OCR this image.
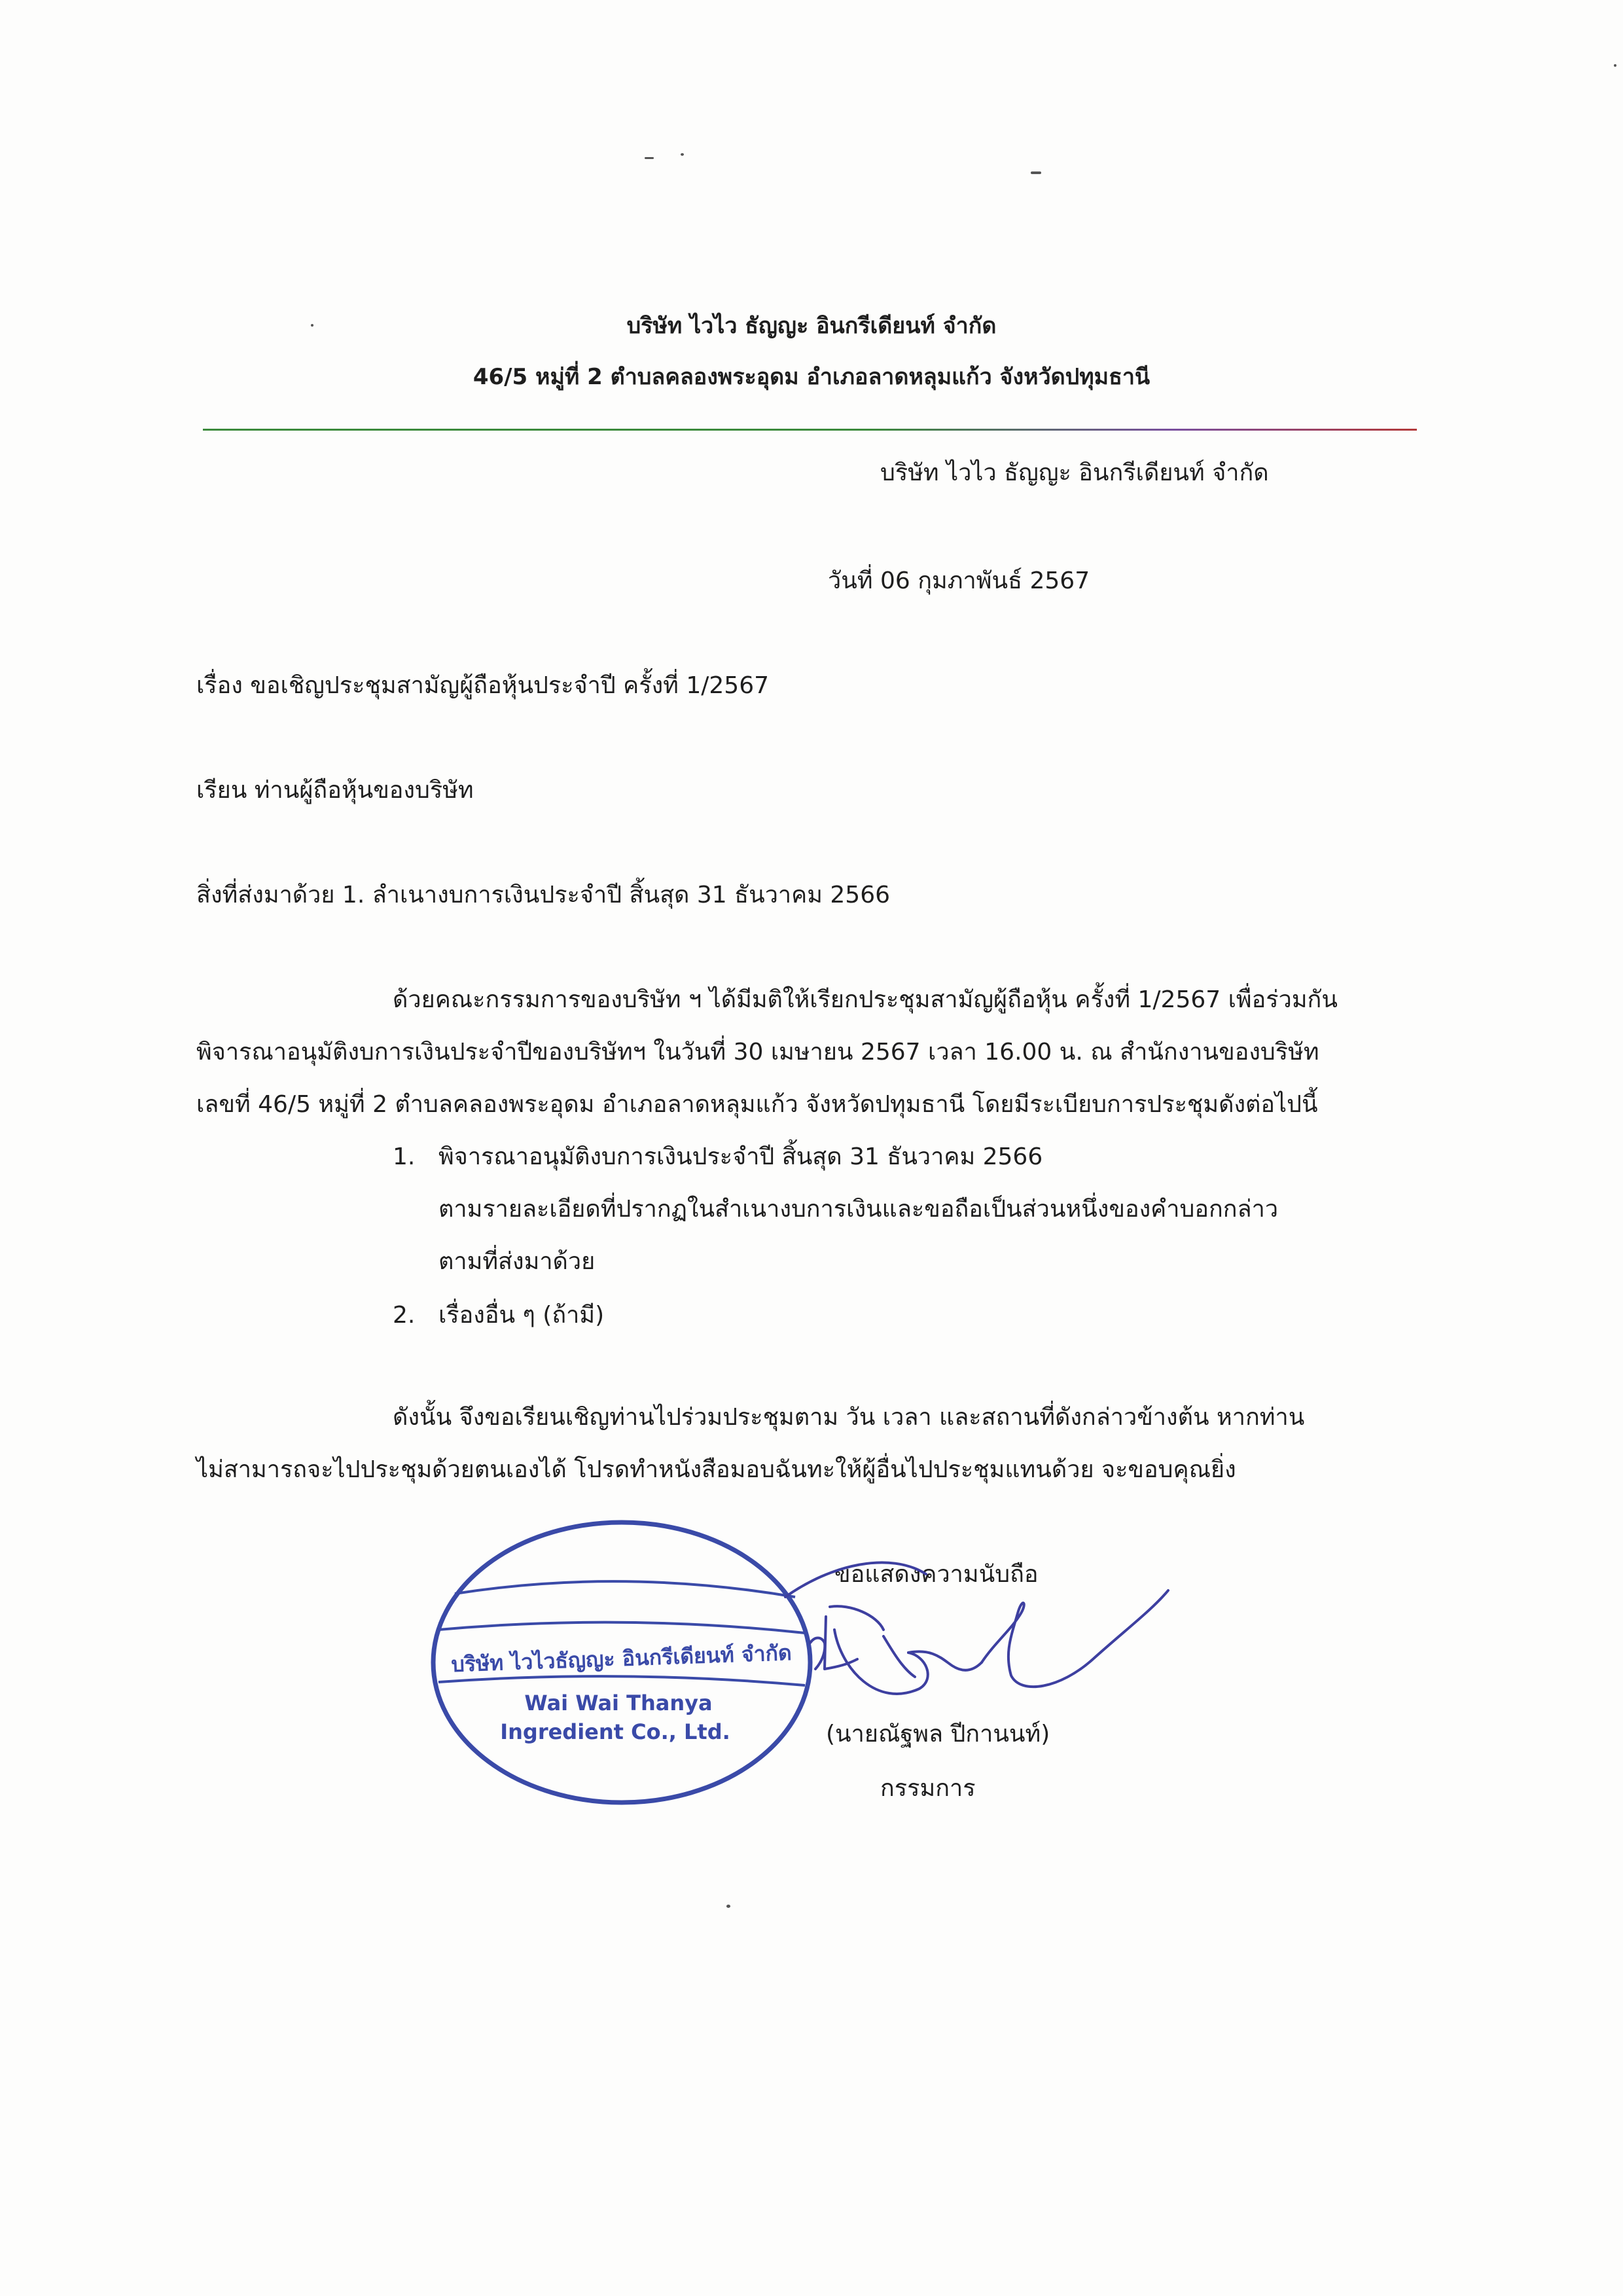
บริษัท ไวไว ธัญญะ อินกรีเดียนท์ จำกัด
46/5 หมู่ที่ 2 ตำบลคลองพระอุดม อำเภอลาดหลุมแก้ว จังหวัดปทุมธานี
บริษัท ไวไว ธัญญะ อินกรีเดียนท์ จำกัด
วันที่ 06 กุมภาพันธ์ 2567
เรื่อง ขอเชิญประชุมสามัญผู้ถือหุ้นประจำปี ครั้งที่ 1/2567
เรียน ท่านผู้ถือหุ้นของบริษัท
สิ่งที่ส่งมาด้วย 1. ลำเนางบการเงินประจำปี สิ้นสุด 31 ธันวาคม 2566
ด้วยคณะกรรมการของบริษัท ฯ ได้มีมติให้เรียกประชุมสามัญผู้ถือหุ้น ครั้งที่ 1/2567 เพื่อร่วมกัน
พิจารณาอนุมัติงบการเงินประจำปีของบริษัทฯ ในวันที่ 30 เมษายน 2567 เวลา 16.00 น. ณ สำนักงานของบริษัท
เลขที่ 46/5 หมู่ที่ 2 ตำบลคลองพระอุดม อำเภอลาดหลุมแก้ว จังหวัดปทุมธานี โดยมีระเบียบการประชุมดังต่อไปนี้
1. พิจารณาอนุมัติงบการเงินประจำปี สิ้นสุด 31 ธันวาคม 2566
ตามรายละเอียดที่ปรากฏในสำเนางบการเงินและขอถือเป็นส่วนหนึ่งของคำบอกกล่าว
ตามที่ส่งมาด้วย
2. เรื่องอื่น ๆ (ถ้ามี)
ดังนั้น จึงขอเรียนเชิญท่านไปร่วมประชุมตาม วัน เวลา และสถานที่ดังกล่าวข้างต้น หากท่าน
ไม่สามารถจะไปประชุมด้วยตนเองได้ โปรดทำหนังสือมอบฉันทะให้ผู้อื่นไปประชุมแทนด้วย จะขอบคุณยิ่ง
บริษัท ไวไวธัญญะ อินกรีเดียนท์ จำกัด
Wai Wai Thanya
Ingredient Co., Ltd.
ขอแสดงความนับถือ
(นายณัฐพล ปีกานนท์)
กรรมการ
